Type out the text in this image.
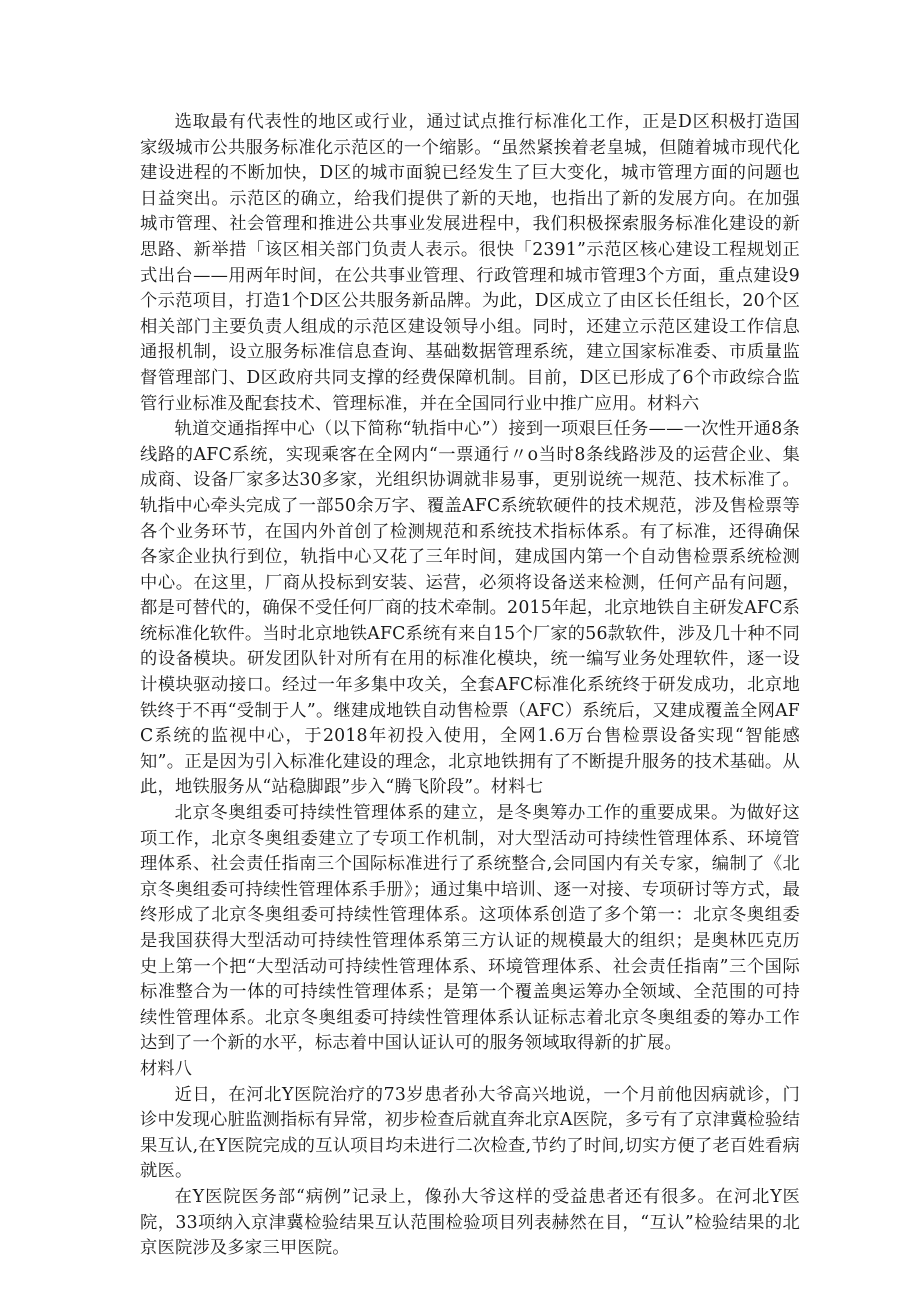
选取最有代表性的地区或行业，通过试点推行标准化工作，正是D区积极打造国家级城市公共服务标准化示范区的一个缩影。“虽然紧挨着老皇城，但随着城市现代化建设进程的不断加快，D区的城市面貌已经发生了巨大变化，城市管理方面的问题也日益突出。示范区的确立，给我们提供了新的天地，也指出了新的发展方向。在加强城市管理、社会管理和推进公共事业发展进程中，我们积极探索服务标准化建设的新思路、新举措「该区相关部门负责人表示。很快「2391”示范区核心建设工程规划正式出台——用两年时间，在公共事业管理、行政管理和城市管理3个方面，重点建设9个示范项目，打造1个D区公共服务新品牌。为此，D区成立了由区长任组长，20个区相关部门主要负责人组成的示范区建设领导小组。同时，还建立示范区建设工作信息通报机制，设立服务标准信息查询、基础数据管理系统，建立国家标准委、市质量监督管理部门、D区政府共同支撑的经费保障机制。目前，D区已形成了6个市政综合监管行业标准及配套技术、管理标准，并在全国同行业中推广应用。材料六

轨道交通指挥中心（以下简称“轨指中心”）接到一项艰巨任务——一次性开通8条线路的AFC系统，实现乘客在全网内“一票通行〃o当时8条线路涉及的运营企业、集成商、设备厂家多达30多家，光组织协调就非易事，更别说统一规范、技术标准了。轨指中心牵头完成了一部50余万字、覆盖AFC系统软硬件的技术规范，涉及售检票等各个业务环节，在国内外首创了检测规范和系统技术指标体系。有了标准，还得确保各家企业执行到位，轨指中心又花了三年时间，建成国内第一个自动售检票系统检测中心。在这里，厂商从投标到安装、运营，必须将设备送来检测，任何产品有问题，都是可替代的，确保不受任何厂商的技术牵制。2015年起，北京地铁自主研发AFC系统标准化软件。当时北京地铁AFC系统有来自15个厂家的56款软件，涉及几十种不同的设备模块。研发团队针对所有在用的标准化模块，统一编写业务处理软件，逐一设计模块驱动接口。经过一年多集中攻关，全套AFC标准化系统终于研发成功，北京地铁终于不再“受制于人”。继建成地铁自动售检票（AFC）系统后，又建成覆盖全网AFC系统的监视中心，于2018年初投入使用，全网1.6万台售检票设备实现“智能感知”。正是因为引入标准化建设的理念，北京地铁拥有了不断提升服务的技术基础。从此，地铁服务从“站稳脚跟”步入“腾飞阶段”。材料七

北京冬奥组委可持续性管理体系的建立，是冬奥筹办工作的重要成果。为做好这项工作，北京冬奥组委建立了专项工作机制，对大型活动可持续性管理体系、环境管理体系、社会责任指南三个国际标准进行了系统整合,会同国内有关专家，编制了《北京冬奥组委可持续性管理体系手册》；通过集中培训、逐一对接、专项研讨等方式，最终形成了北京冬奥组委可持续性管理体系。这项体系创造了多个第一：北京冬奥组委是我国获得大型活动可持续性管理体系第三方认证的规模最大的组织；是奥林匹克历史上第一个把“大型活动可持续性管理体系、环境管理体系、社会责任指南”三个国际标准整合为一体的可持续性管理体系；是第一个覆盖奥运筹办全领域、全范围的可持续性管理体系。北京冬奥组委可持续性管理体系认证标志着北京冬奥组委的筹办工作达到了一个新的水平，标志着中国认证认可的服务领域取得新的扩展。

材料八

近日，在河北Y医院治疗的73岁患者孙大爷高兴地说，一个月前他因病就诊，门诊中发现心脏监测指标有异常，初步检查后就直奔北京A医院，多亏有了京津冀检验结果互认,在Y医院完成的互认项目均未进行二次检查,节约了时间,切实方便了老百姓看病就医。

在Y医院医务部“病例”记录上，像孙大爷这样的受益患者还有很多。在河北Y医院，33项纳入京津冀检验结果互认范围检验项目列表赫然在目，“互认”检验结果的北京医院涉及多家三甲医院。
